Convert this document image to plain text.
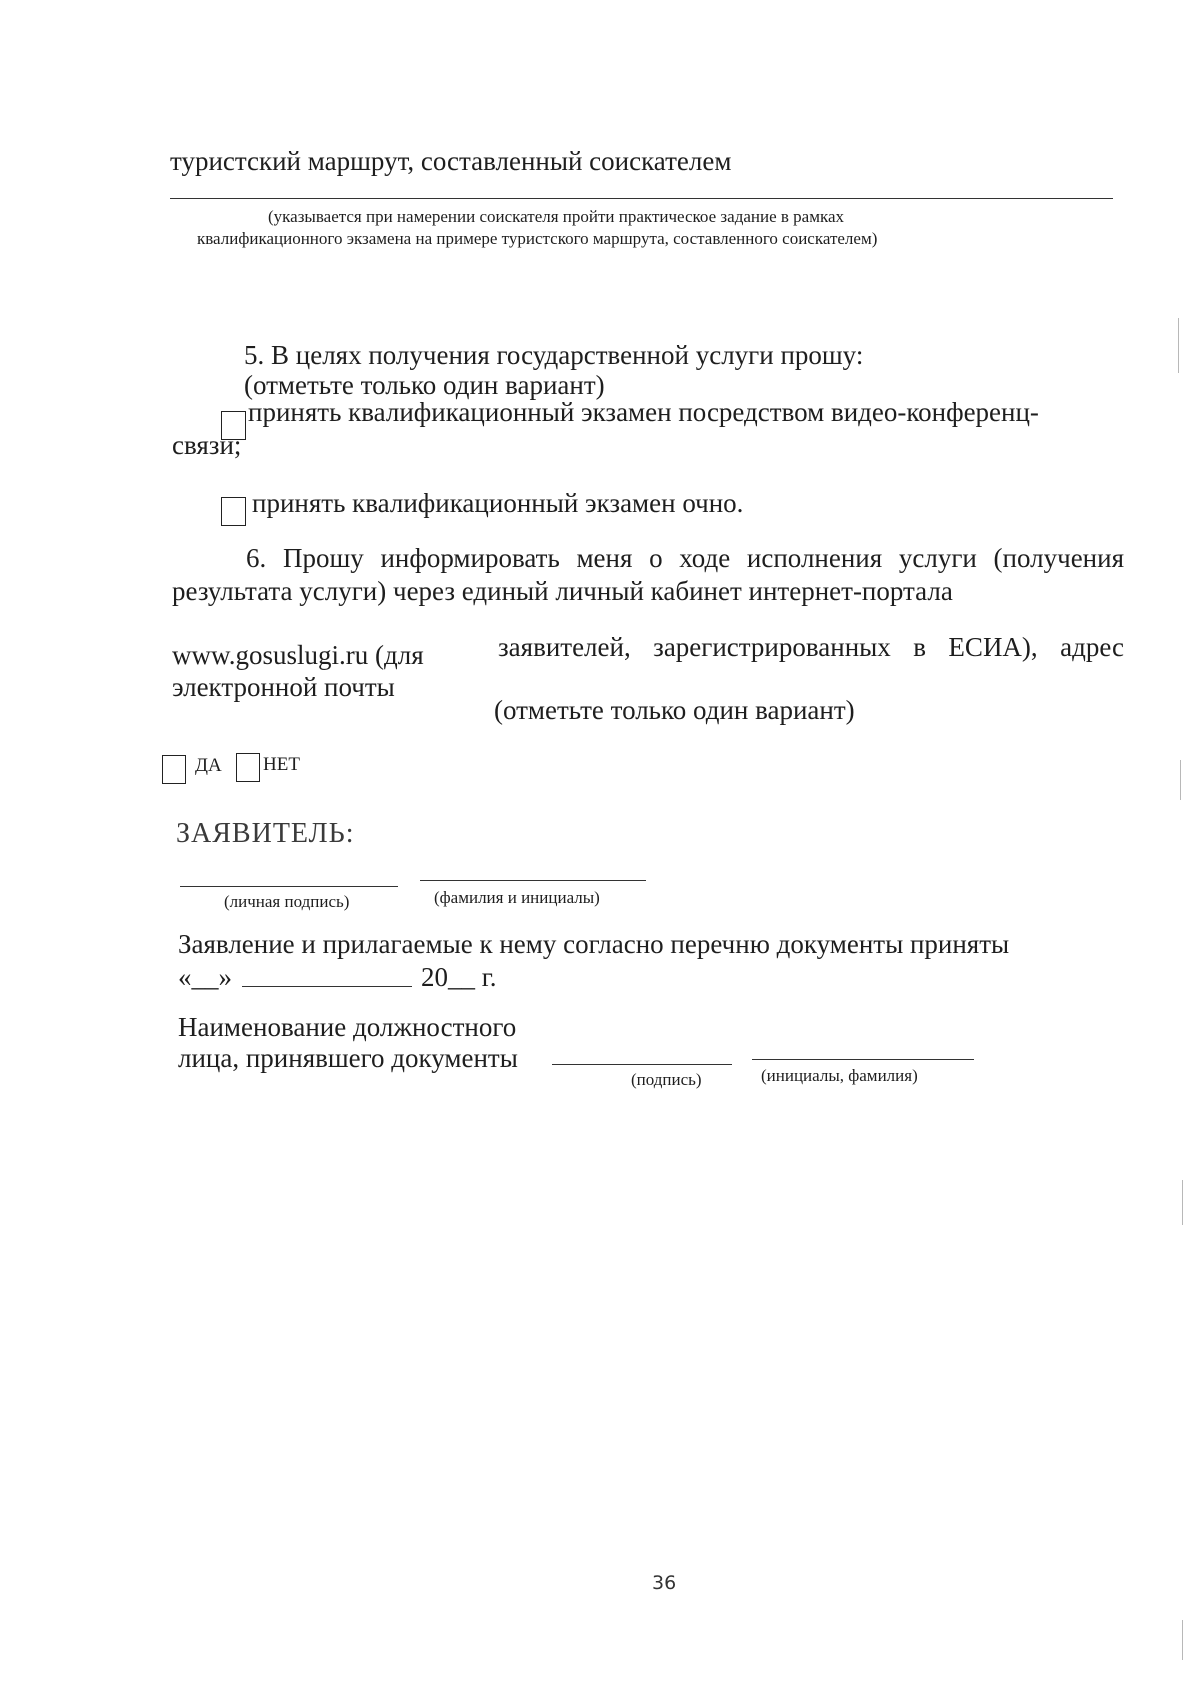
туристский маршрут, составленный соискателем
(указывается при намерении соискателя пройти практическое задание в рамках
квалификационного экзамена на примере туристского маршрута, составленного соискателем)
5. В целях получения государственной услуги прошу:
(отметьте только один вариант)
принять квалификационный экзамен посредством видео-конференц-
связи;
принять квалификационный экзамен очно.
6. Прошу информировать меня о ходе исполнения услуги (получения
результата услуги) через единый личный кабинет интернет-портала
www.gosuslugi.ru (для
электронной почты
заявителей, зарегистрированных в ЕСИА), адрес
(отметьте только один вариант)
ДА НЕТ
ЗАЯВИТЕЛЬ:
(личная подпись)	(фамилия и инициалы)
Заявление и прилагаемые к нему согласно перечню документы приняты
«__»	20__ г.
Наименование должностного
лица, принявшего документы
(подпись)	(инициалы, фамилия)
36
